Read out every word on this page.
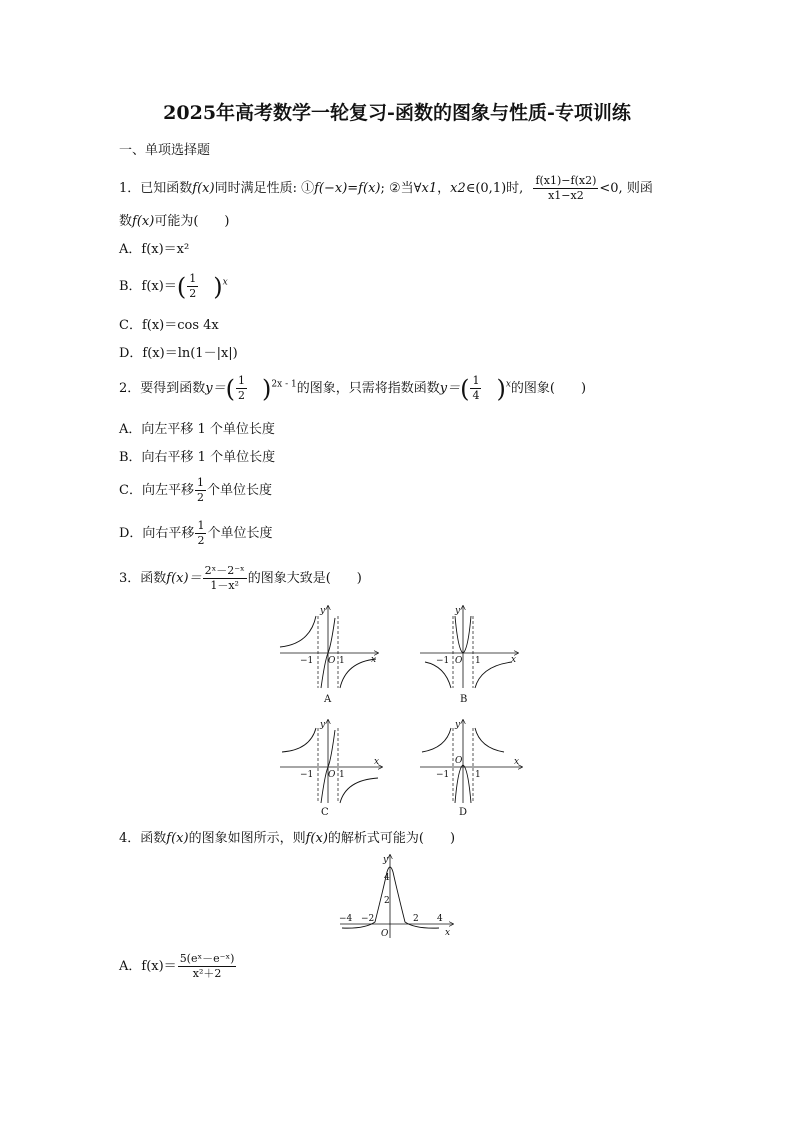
2025年高考数学一轮复习-函数的图象与性质-专项训练
一、单项选择题
1．已知函数f(x)同时满足性质: ①f(−x)=f(x); ②当∀x1，x2∈(0,1)时, $\frac{f(x1)-f(x2)}{x1-x2} <0$, 则函
数f(x)可能为(　　)
A．f(x)＝x²
B．$f(x)=( \frac{1}{2} )^x$
C．f(x)＝cos 4x
D．f(x)＝ln(1－|x|)
2．要得到函数$y=( \frac{1}{2} )^{2x - 1}$的图象，只需将指数函数$y=( \frac{1}{4} )^x$的图象(　　)
A．向左平移 1 个单位长度
B．向右平移 1 个单位长度
C．向左平移 $\frac{1}{2}$ 个单位长度
D．向右平移 $\frac{1}{2}$ 个单位长度
3．函数$f(x)= \frac{\text{2ˣ－2⁻ˣ}}{\text{1－x²}}$ 的图象大致是(　　)
−1 O 1	x
y
A
−1 O 1	x
y
B
−1 O 1
x
y
C
−1
O
1
x
y
D
4．函数f(x)的图象如图所示，则f(x)的解析式可能为(　　)
−4 −2	2 4
4
2
O	x
y
A．$f(x)= \frac{\text{5(eˣ－e⁻ˣ)}}{\text{x²＋2}}$
